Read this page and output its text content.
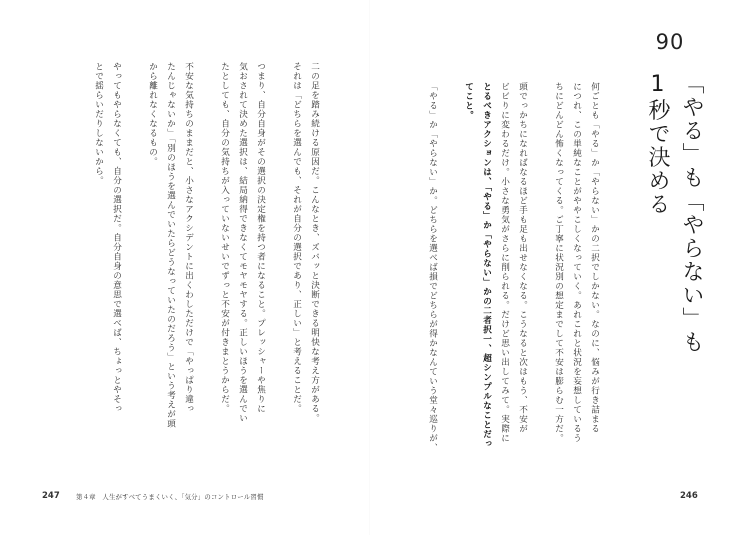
90
「やる」も「やらない」も
1秒で決める
何ごとも「やる」か「やらない」かの二択でしかない。なのに、悩みが行き詰まる
につれ、この単純なことがややこしくなっていく。あれこれと状況を妄想しているう
ちにどんどん怖くなってくる。ご丁寧に状況別の想定までして不安は膨らむ一方だ。
頭でっかちになればなるほど手も足も出せなくなる。こうなると次はもう、不安が
ビビりに変わるだけ。小さな勇気がさらに削られる。だけど思い出してみて。実際に
とるべきアクションは、「やる」か「やらない」かの二者択一、超シンプルなことだっ
てこと。
「やる」か「やらない」か。どちらを選べば損でどちらが得かなんていう堂々巡りが、
二の足を踏み続ける原因だ。こんなとき、ズバッと決断できる明快な考え方がある。
それは「どちらを選んでも、それが自分の選択であり、正しい」と考えることだ。
つまり、自分自身がその選択の決定権を持つ者になること。プレッシャーや焦りに
気おされて決めた選択は、結局納得できなくてモヤモヤする。正しいほうを選んでい
たとしても、自分の気持ちが入っていないせいでずっと不安が付きまとうからだ。
不安な気持ちのままだと、小さなアクシデントに出くわしただけで「やっぱり違っ
たんじゃないか」「別のほうを選んでいたらどうなっていたのだろう」という考えが頭
から離れなくなるもの。
やってもやらなくても、自分の選択だ。自分自身の意思で選べば、ちょっとやそっ
とで揺らいだりしないから。
247	第４章　人生がすべてうまくいく、「気分」のコントロール習慣	246
